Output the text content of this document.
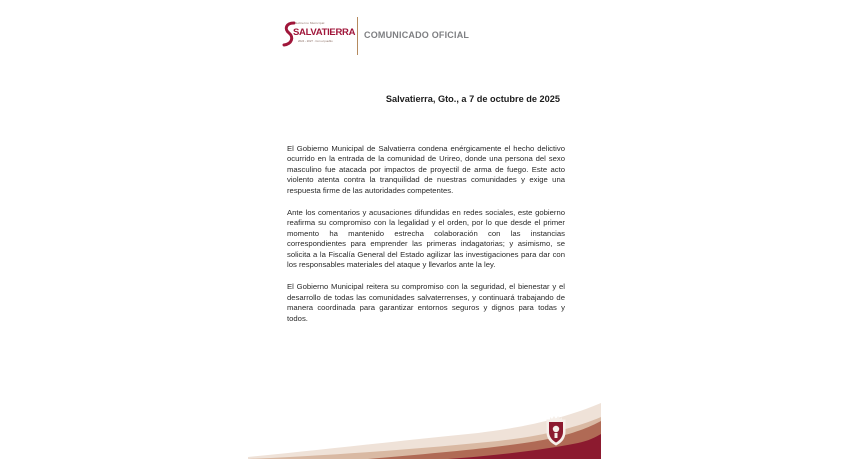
Gobierno Municipal
SALVATIERRA
2024 - 2027 · Con el pueblo
COMUNICADO OFICIAL
Salvatierra, Gto., a 7 de octubre de 2025

El Gobierno Municipal de Salvatierra condena enérgicamente el hecho delictivo ocurrido en la entrada de la comunidad de Urireo, donde una persona del sexo masculino fue atacada por impactos de proyectil de arma de fuego. Este acto violento atenta contra la tranquilidad de nuestras comunidades y exige una respuesta firme de las autoridades competentes.

Ante los comentarios y acusaciones difundidas en redes sociales, este gobierno reafirma su compromiso con la legalidad y el orden, por lo que desde el primer momento ha mantenido estrecha colaboración con las instancias correspondientes para emprender las primeras indagatorias; y asimismo, se solicita a la Fiscalía General del Estado agilizar las investigaciones para dar con los responsables materiales del ataque y llevarlos ante la ley.

El Gobierno Municipal reitera su compromiso con la seguridad, el bienestar y el desarrollo de todas las comunidades salvaterrenses, y continuará trabajando de manera coordinada para garantizar entornos seguros y dignos para todas y todos.
